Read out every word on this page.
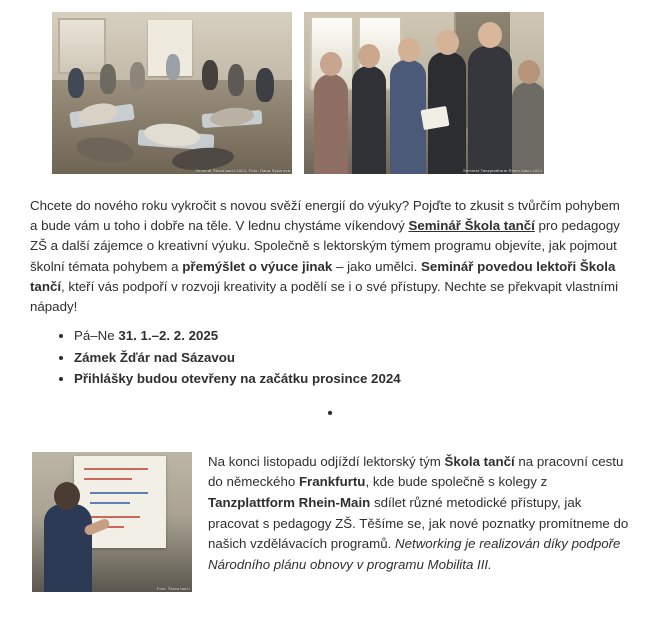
Seminář Škola tančí 2024, Foto: Hana Sýkorová	Seminář Tanzplattform Rhein-Main 2024

Chcete do nového roku vykročit s novou svěží energií do výuky? Pojďte to zkusit s tvůrčím pohybem a bude vám u toho i dobře na těle. V lednu chystáme víkendový Seminář Škola tančí pro pedagogy ZŠ a další zájemce o kreativní výuku. Společně s lektorským týmem programu objevíte, jak pojmout školní témata pohybem a přemýšlet o výuce jinak – jako umělci. Seminář povedou lektoři Škola tančí, kteří vás podpoří v rozvoji kreativity a podělí se i o své přístupy. Nechte se překvapit vlastními nápady!

• Pá–Ne 31. 1.–2. 2. 2025
• Zámek Žďár nad Sázavou
• Přihlášky budou otevřeny na začátku prosince 2024
•
Foto: Škola tančí

Na konci listopadu odjíždí lektorský tým Škola tančí na pracovní cestu do německého Frankfurtu, kde bude společně s kolegy z Tanzplattform Rhein-Main sdílet různé metodické přístupy, jak pracovat s pedagogy ZŠ. Těšíme se, jak nové poznatky promítneme do našich vzdělávacích programů. Networking je realizován díky podpoře Národního plánu obnovy v programu Mobilita III.
